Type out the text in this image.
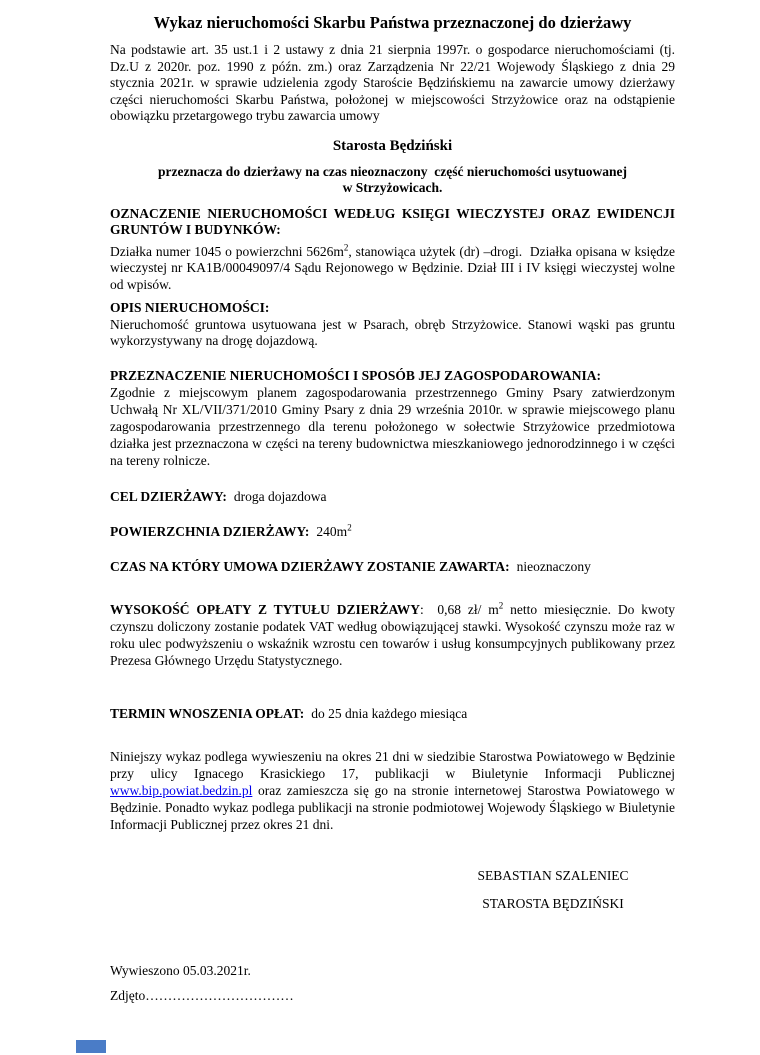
Wykaz nieruchomości Skarbu Państwa przeznaczonej do dzierżawy

Na podstawie art. 35 ust.1 i 2 ustawy z dnia 21 sierpnia 1997r. o gospodarce nieruchomościami (tj. Dz.U z 2020r. poz. 1990 z późn. zm.) oraz Zarządzenia Nr 22/21 Wojewody Śląskiego z dnia 29 stycznia 2021r. w sprawie udzielenia zgody Staroście Będzińskiemu na zawarcie umowy dzierżawy części nieruchomości Skarbu Państwa, położonej w miejscowości Strzyżowice oraz na odstąpienie obowiązku przetargowego trybu zawarcia umowy

Starosta Będziński

przeznacza do dzierżawy na czas nieoznaczony  część nieruchomości usytuowanej
w Strzyżowicach.

OZNACZENIE NIERUCHOMOŚCI WEDŁUG KSIĘGI WIECZYSTEJ ORAZ EWIDENCJI GRUNTÓW I BUDYNKÓW:

Działka numer 1045 o powierzchni $5626m^2$, stanowiąca użytek (dr) –drogi.  Działka opisana w księdze wieczystej nr KA1B/00049097/4 Sądu Rejonowego w Będzinie. Dział III i IV księgi wieczystej wolne od wpisów.

OPIS NIERUCHOMOŚCI:

Nieruchomość gruntowa usytuowana jest w Psarach, obręb Strzyżowice. Stanowi wąski pas gruntu wykorzystywany na drogę dojazdową.

PRZEZNACZENIE NIERUCHOMOŚCI I SPOSÓB JEJ ZAGOSPODAROWANIA:

Zgodnie z miejscowym planem zagospodarowania przestrzennego Gminy Psary zatwierdzonym Uchwałą Nr XL/VII/371/2010 Gminy Psary z dnia 29 września 2010r. w sprawie miejscowego planu zagospodarowania przestrzennego dla terenu położonego w sołectwie Strzyżowice przedmiotowa działka jest przeznaczona w części na tereny budownictwa mieszkaniowego jednorodzinnego i w części na tereny rolnicze.

CEL DZIERŻAWY: droga dojazdowa

POWIERZCHNIA DZIERŻAWY: $240m^2$

CZAS NA KTÓRY UMOWA DZIERŻAWY ZOSTANIE ZAWARTA: nieoznaczony

WYSOKOŚĆ OPŁATY Z TYTUŁU DZIERŻAWY:  0,68 zł/ $m^2$ netto miesięcznie. Do kwoty czynszu doliczony zostanie podatek VAT według obowiązującej stawki. Wysokość czynszu może raz w roku ulec podwyższeniu o wskaźnik wzrostu cen towarów i usług konsumpcyjnych publikowany przez Prezesa Głównego Urzędu Statystycznego.

TERMIN WNOSZENIA OPŁAT: do 25 dnia każdego miesiąca

Niniejszy wykaz podlega wywieszeniu na okres 21 dni w siedzibie Starostwa Powiatowego w Będzinie przy ulicy Ignacego Krasickiego 17, publikacji w Biuletynie Informacji Publicznej www.bip.powiat.bedzin.pl oraz zamieszcza się go na stronie internetowej Starostwa Powiatowego w Będzinie. Ponadto wykaz podlega publikacji na stronie podmiotowej Wojewody Śląskiego w Biuletynie Informacji Publicznej przez okres 21 dni.

SEBASTIAN SZALENIEC
STAROSTA BĘDZIŃSKI

Wywieszono 05.03.2021r.

Zdjęto……………………………
